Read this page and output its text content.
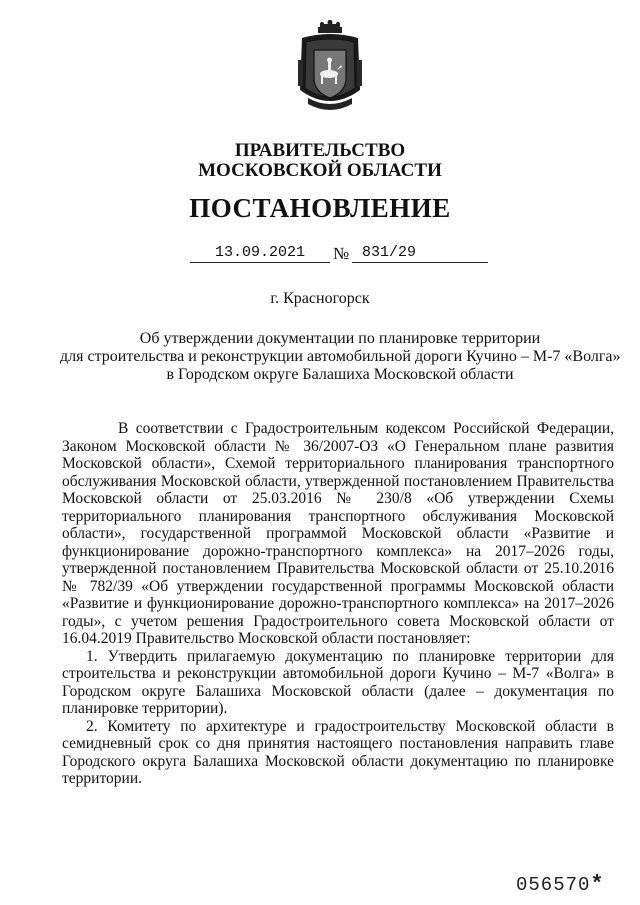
ПРАВИТЕЛЬСТВО
МОСКОВСКОЙ ОБЛАСТИ
ПОСТАНОВЛЕНИЕ
13.09.2021	№ 831/29
г. Красногорск
Об утверждении документации по планировке территории
для строительства и реконструкции автомобильной дороги Кучино – М-7 «Волга»
в Городском округе Балашиха Московской области

В соответствии с Градостроительным кодексом Российской Федерации, Законом Московской области № 36/2007-ОЗ «О Генеральном плане развития Московской области», Схемой территориального планирования транспортного обслуживания Московской области, утвержденной постановлением Правительства Московской области от 25.03.2016 № 230/8 «Об утверждении Схемы территориального планирования транспортного обслуживания Московской области», государственной программой Московской области «Развитие и функционирование дорожно-транспортного комплекса» на 2017–2026 годы, утвержденной постановлением Правительства Московской области от 25.10.2016 № 782/39 «Об утверждении государственной программы Московской области «Развитие и функционирование дорожно-транспортного комплекса» на 2017–2026 годы», с учетом решения Градостроительного совета Московской области от 16.04.2019 Правительство Московской области постановляет:

1. Утвердить прилагаемую документацию по планировке территории для строительства и реконструкции автомобильной дороги Кучино – М-7 «Волга» в Городском округе Балашиха Московской области (далее – документация по планировке территории).

2. Комитету по архитектуре и градостроительству Московской области в семидневный срок со дня принятия настоящего постановления направить главе Городского округа Балашиха Московской области документацию по планировке территории.

056570*
